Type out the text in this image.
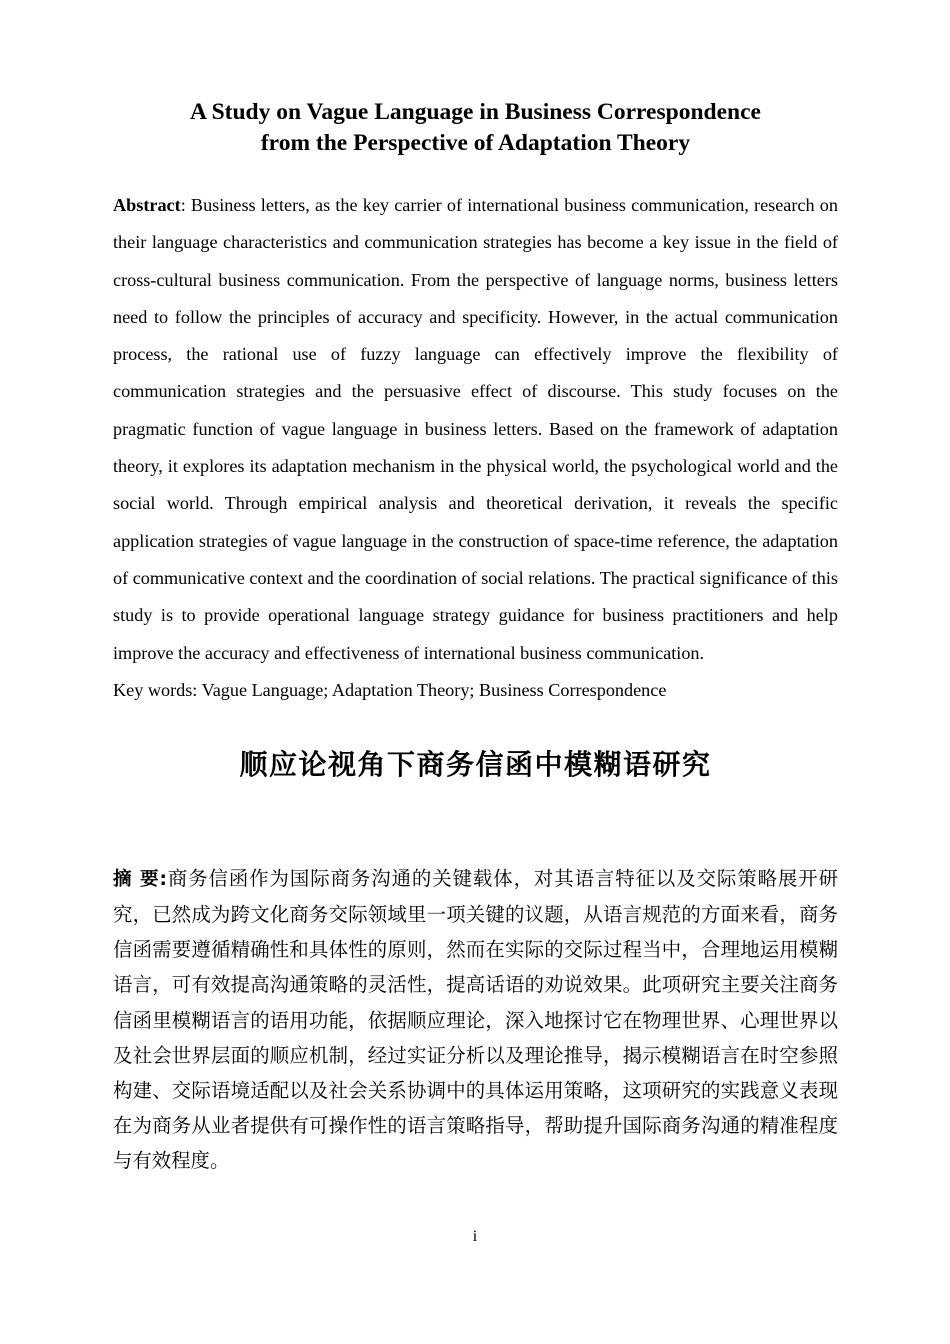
A Study on Vague Language in Business Correspondence
from the Perspective of Adaptation Theory

Abstract: Business letters, as the key carrier of international business communication, research on their language characteristics and communication strategies has become a key issue in the field of cross-cultural business communication. From the perspective of language norms, business letters need to follow the principles of accuracy and specificity. However, in the actual communication process, the rational use of fuzzy language can effectively improve the flexibility of communication strategies and the persuasive effect of discourse. This study focuses on the pragmatic function of vague language in business letters. Based on the framework of adaptation theory, it explores its adaptation mechanism in the physical world, the psychological world and the social world. Through empirical analysis and theoretical derivation, it reveals the specific application strategies of vague language in the construction of space-time reference, the adaptation of communicative context and the coordination of social relations. The practical significance of this study is to provide operational language strategy guidance for business practitioners and help improve the accuracy and effectiveness of international business communication.

Key words: Vague Language; Adaptation Theory; Business Correspondence

顺应论视角下商务信函中模糊语研究

摘 要:商务信函作为国际商务沟通的关键载体，对其语言特征以及交际策略展开研究，已然成为跨文化商务交际领域里一项关键的议题，从语言规范的方面来看，商务信函需要遵循精确性和具体性的原则，然而在实际的交际过程当中，合理地运用模糊语言，可有效提高沟通策略的灵活性，提高话语的劝说效果。此项研究主要关注商务信函里模糊语言的语用功能，依据顺应理论，深入地探讨它在物理世界、心理世界以及社会世界层面的顺应机制，经过实证分析以及理论推导，揭示模糊语言在时空参照构建、交际语境适配以及社会关系协调中的具体运用策略，这项研究的实践意义表现在为商务从业者提供有可操作性的语言策略指导，帮助提升国际商务沟通的精准程度与有效程度。

i
